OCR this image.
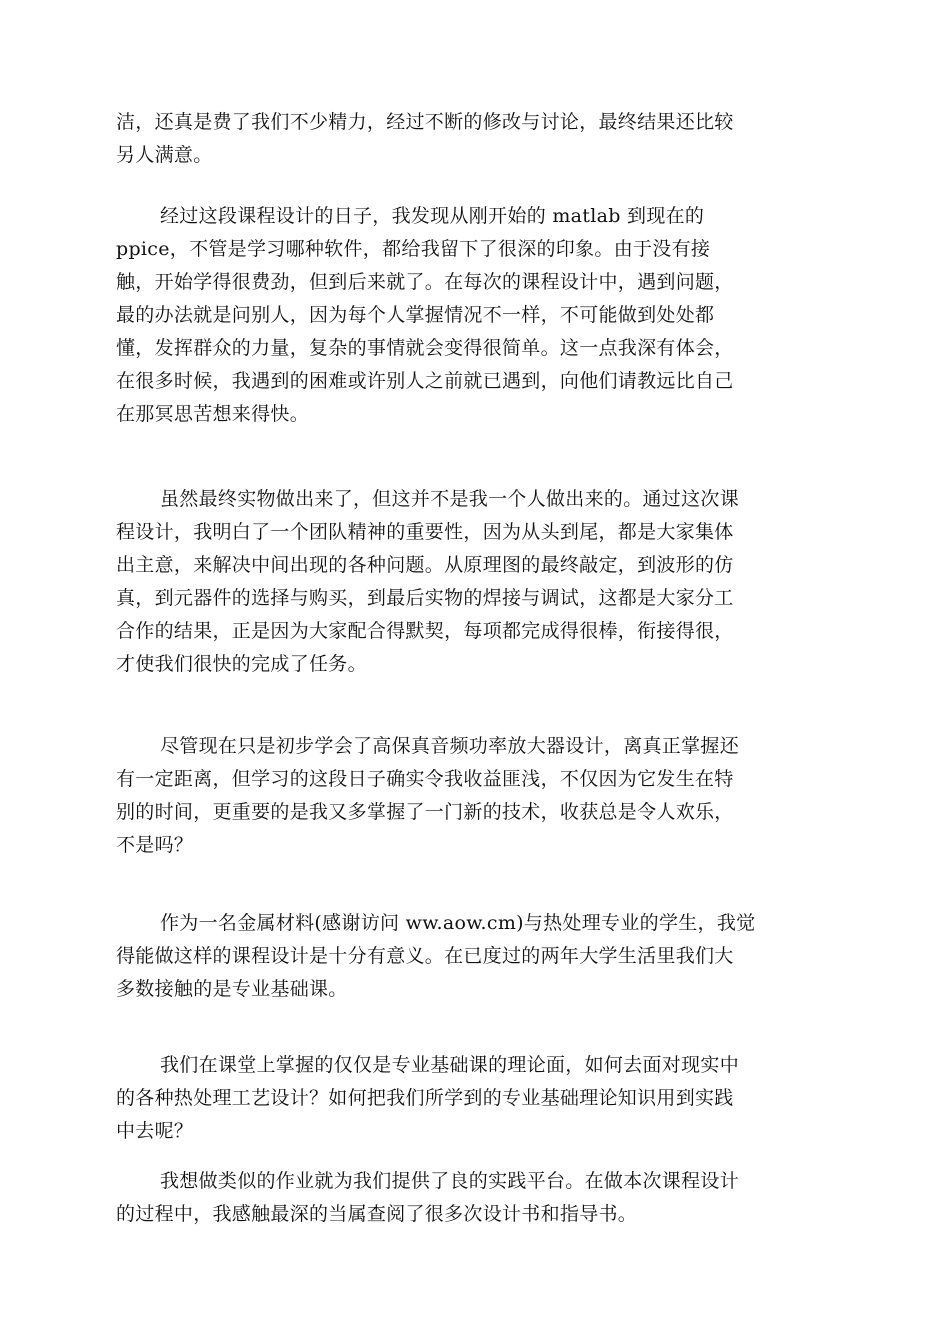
洁，还真是费了我们不少精力，经过不断的修改与讨论，最终结果还比较
另人满意。
经过这段课程设计的日子，我发现从刚开始的 matlab 到现在的
ppice，不管是学习哪种软件，都给我留下了很深的印象。由于没有接
触，开始学得很费劲，但到后来就了。在每次的课程设计中，遇到问题，
最的办法就是问别人，因为每个人掌握情况不一样，不可能做到处处都
懂，发挥群众的力量，复杂的事情就会变得很简单。这一点我深有体会，
在很多时候，我遇到的困难或许别人之前就已遇到，向他们请教远比自己
在那冥思苦想来得快。
虽然最终实物做出来了，但这并不是我一个人做出来的。通过这次课
程设计，我明白了一个团队精神的重要性，因为从头到尾，都是大家集体
出主意，来解决中间出现的各种问题。从原理图的最终敲定，到波形的仿
真，到元器件的选择与购买，到最后实物的焊接与调试，这都是大家分工
合作的结果，正是因为大家配合得默契，每项都完成得很棒，衔接得很，
才使我们很快的完成了任务。
尽管现在只是初步学会了高保真音频功率放大器设计，离真正掌握还
有一定距离，但学习的这段日子确实令我收益匪浅，不仅因为它发生在特
别的时间，更重要的是我又多掌握了一门新的技术，收获总是令人欢乐，
不是吗？
作为一名金属材料(感谢访问 ww.aow.cm)与热处理专业的学生，我觉
得能做这样的课程设计是十分有意义。在已度过的两年大学生活里我们大
多数接触的是专业基础课。
我们在课堂上掌握的仅仅是专业基础课的理论面，如何去面对现实中
的各种热处理工艺设计？如何把我们所学到的专业基础理论知识用到实践
中去呢？
我想做类似的作业就为我们提供了良的实践平台。在做本次课程设计
的过程中，我感触最深的当属查阅了很多次设计书和指导书。
